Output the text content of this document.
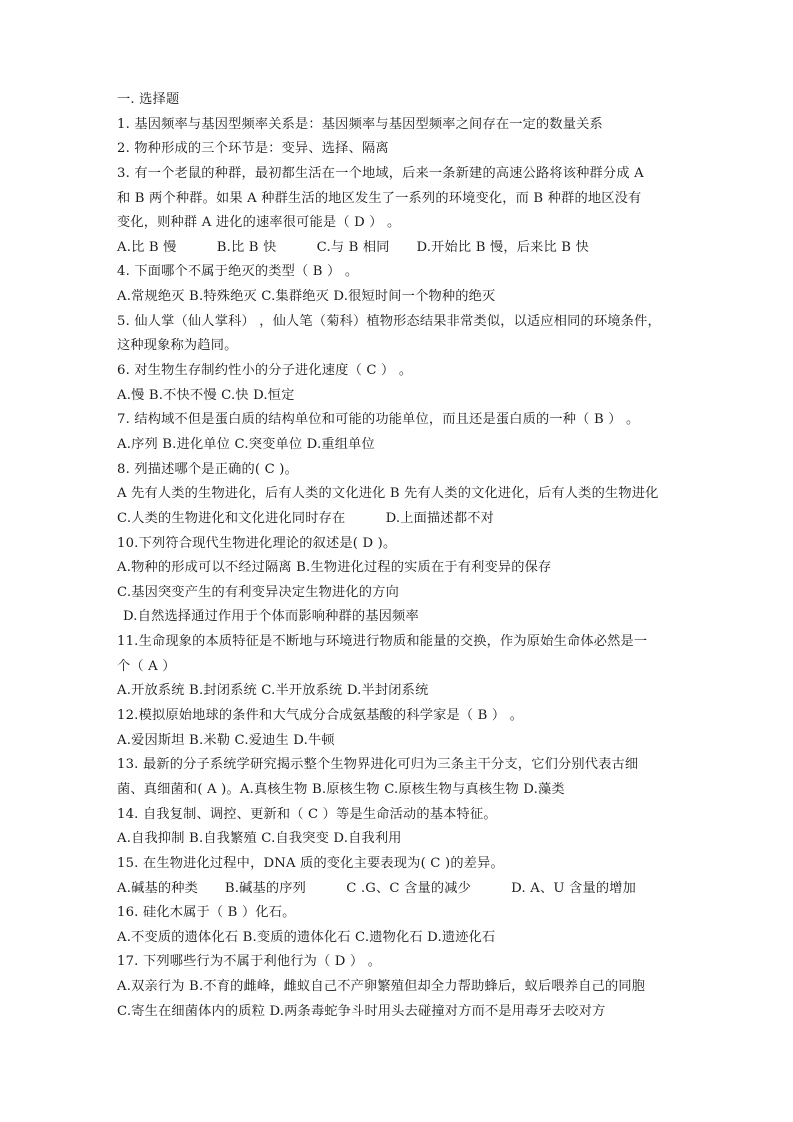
一. 选择题
1. 基因频率与基因型频率关系是：基因频率与基因型频率之间存在一定的数量关系
2. 物种形成的三个环节是：变异、选择、隔离
3. 有一个老鼠的种群，最初都生活在一个地域，后来一条新建的高速公路将该种群分成 A
和 B 两个种群。如果 A 种群生活的地区发生了一系列的环境变化，而 B 种群的地区没有
变化，则种群 A 进化的速率很可能是（ D ） 。
A.比 B 慢　　　B.比 B 快　　　C.与 B 相同　　D.开始比 B 慢，后来比 B 快
4. 下面哪个不属于绝灭的类型（ B ） 。
A.常规绝灭 B.特殊绝灭 C.集群绝灭 D.很短时间一个物种的绝灭
5. 仙人掌（仙人掌科） ，仙人笔（菊科）植物形态结果非常类似，以适应相同的环境条件，
这种现象称为趋同。
6. 对生物生存制约性小的分子进化速度（ C ） 。
A.慢 B.不快不慢 C.快 D.恒定
7. 结构域不但是蛋白质的结构单位和可能的功能单位，而且还是蛋白质的一种（ B ） 。
A.序列 B.进化单位 C.突变单位 D.重组单位
8. 列描述哪个是正确的( C )。
A 先有人类的生物进化，后有人类的文化进化 B 先有人类的文化进化，后有人类的生物进化
C.人类的生物进化和文化进化同时存在　　　D.上面描述都不对
10.下列符合现代生物进化理论的叙述是( D )。
A.物种的形成可以不经过隔离 B.生物进化过程的实质在于有利变异的保存
C.基因突变产生的有利变异决定生物进化的方向
D.自然选择通过作用于个体而影响种群的基因频率
11.生命现象的本质特征是不断地与环境进行物质和能量的交换，作为原始生命体必然是一
个（ A ）
A.开放系统 B.封闭系统 C.半开放系统 D.半封闭系统
12.模拟原始地球的条件和大气成分合成氨基酸的科学家是（ B ） 。
A.爱因斯坦 B.米勒 C.爱迪生 D.牛顿
13. 最新的分子系统学研究揭示整个生物界进化可归为三条主干分支，它们分别代表古细
菌、真细菌和( A )。A.真核生物 B.原核生物 C.原核生物与真核生物 D.藻类
14. 自我复制、调控、更新和（ C ）等是生命活动的基本特征。
A.自我抑制 B.自我繁殖 C.自我突变 D.自我利用
15. 在生物进化过程中，DNA 质的变化主要表现为( C )的差异。
A.碱基的种类　　B.碱基的序列　　　C .G、C 含量的减少　　　D. A、U 含量的增加
16. 硅化木属于（ B ）化石。
A.不变质的遗体化石 B.变质的遗体化石 C.遗物化石 D.遗迹化石
17. 下列哪些行为不属于利他行为（ D ） 。
A.双亲行为 B.不育的雌峰，雌蚁自己不产卵繁殖但却全力帮助蜂后，蚁后喂养自己的同胞
C.寄生在细菌体内的质粒 D.两条毒蛇争斗时用头去碰撞对方而不是用毒牙去咬对方
